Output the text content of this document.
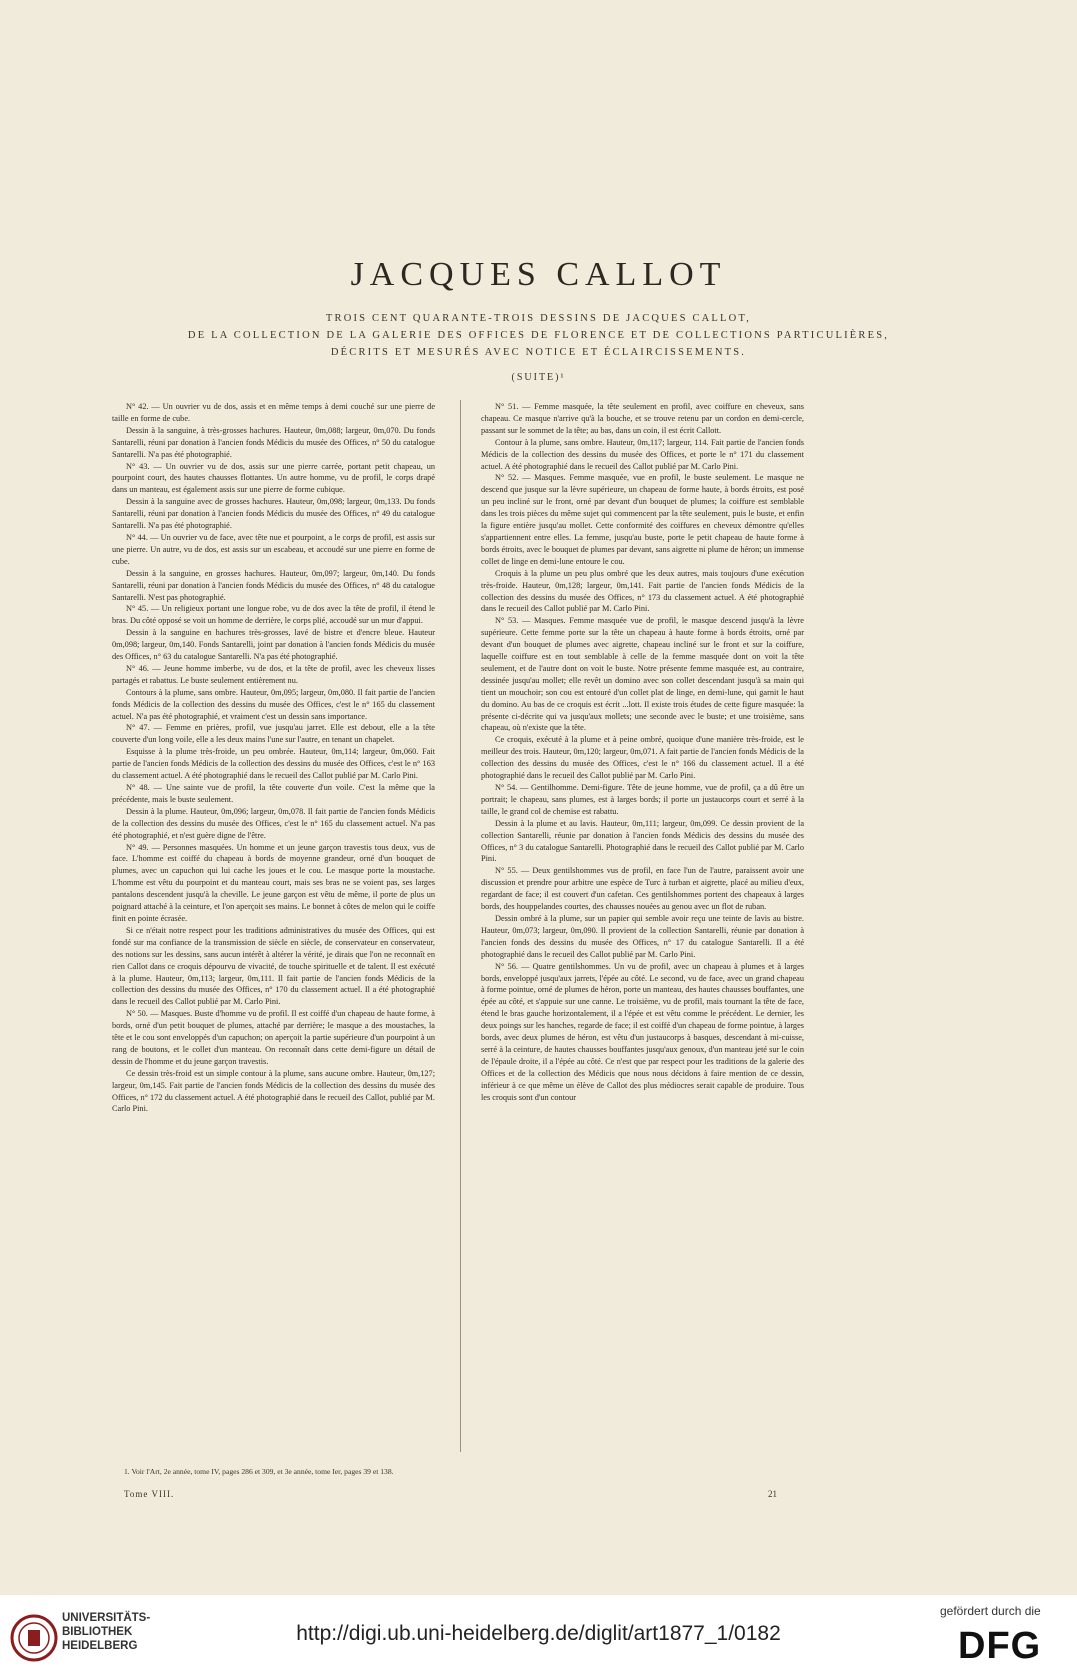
JACQUES CALLOT
TROIS CENT QUARANTE-TROIS DESSINS DE JACQUES CALLOT,
DE LA COLLECTION DE LA GALERIE DES OFFICES DE FLORENCE ET DE COLLECTIONS PARTICULIÈRES,
DÉCRITS ET MESURÉS AVEC NOTICE ET ÉCLAIRCISSEMENTS.
(SUITE)¹

N° 42. — Un ouvrier vu de dos, assis et en même temps à demi couché sur une pierre de taille en forme de cube.

Dessin à la sanguine, à très-grosses hachures. Hauteur, 0m,088; largeur, 0m,070. Du fonds Santarelli, réuni par donation à l'ancien fonds Médicis du musée des Offices, n° 50 du catalogue Santarelli. N'a pas été photographié.

N° 43. — Un ouvrier vu de dos, assis sur une pierre carrée, portant petit chapeau, un pourpoint court, des hautes chausses flottantes. Un autre homme, vu de profil, le corps drapé dans un manteau, est également assis sur une pierre de forme cubique.

Dessin à la sanguine avec de grosses hachures. Hauteur, 0m,098; largeur, 0m,133. Du fonds Santarelli, réuni par donation à l'ancien fonds Médicis du musée des Offices, n° 49 du catalogue Santarelli. N'a pas été photographié.

N° 44. — Un ouvrier vu de face, avec tête nue et pourpoint, a le corps de profil, est assis sur une pierre. Un autre, vu de dos, est assis sur un escabeau, et accoudé sur une pierre en forme de cube.

Dessin à la sanguine, en grosses hachures. Hauteur, 0m,097; largeur, 0m,140. Du fonds Santarelli, réuni par donation à l'ancien fonds Médicis du musée des Offices, n° 48 du catalogue Santarelli. N'est pas photographié.

N° 45. — Un religieux portant une longue robe, vu de dos avec la tête de profil, il étend le bras. Du côté opposé se voit un homme de derrière, le corps plié, accoudé sur un mur d'appui.

Dessin à la sanguine en hachures très-grosses, lavé de bistre et d'encre bleue. Hauteur 0m,098; largeur, 0m,140. Fonds Santarelli, joint par donation à l'ancien fonds Médicis du musée des Offices, n° 63 du catalogue Santarelli. N'a pas été photographié.

N° 46. — Jeune homme imberbe, vu de dos, et la tête de profil, avec les cheveux lisses partagés et rabattus. Le buste seulement entièrement nu.

Contours à la plume, sans ombre. Hauteur, 0m,095; largeur, 0m,080. Il fait partie de l'ancien fonds Médicis de la collection des dessins du musée des Offices, c'est le n° 165 du classement actuel. N'a pas été photographié, et vraiment c'est un dessin sans importance.

N° 47. — Femme en prières, profil, vue jusqu'au jarret. Elle est debout, elle a la tête couverte d'un long voile, elle a les deux mains l'une sur l'autre, en tenant un chapelet.

Esquisse à la plume très-froide, un peu ombrée. Hauteur, 0m,114; largeur, 0m,060. Fait partie de l'ancien fonds Médicis de la collection des dessins du musée des Offices, c'est le n° 163 du classement actuel. A été photographié dans le recueil des Callot publié par M. Carlo Pini.

N° 48. — Une sainte vue de profil, la tête couverte d'un voile. C'est la même que la précédente, mais le buste seulement.

Dessin à la plume. Hauteur, 0m,096; largeur, 0m,078. Il fait partie de l'ancien fonds Médicis de la collection des dessins du musée des Offices, c'est le n° 165 du classement actuel. N'a pas été photographié, et n'est guère digne de l'être.

N° 49. — Personnes masquées. Un homme et un jeune garçon travestis tous deux, vus de face. L'homme est coiffé du chapeau à bords de moyenne grandeur, orné d'un bouquet de plumes, avec un capuchon qui lui cache les joues et le cou. Le masque porte la moustache. L'homme est vêtu du pourpoint et du manteau court, mais ses bras ne se voient pas, ses larges pantalons descendent jusqu'à la cheville. Le jeune garçon est vêtu de même, il porte de plus un poignard attaché à la ceinture, et l'on aperçoit ses mains. Le bonnet à côtes de melon qui le coiffe finit en pointe écrasée.

Si ce n'était notre respect pour les traditions administratives du musée des Offices, qui est fondé sur ma confiance de la transmission de siècle en siècle, de conservateur en conservateur, des notions sur les dessins, sans aucun intérêt à altérer la vérité, je dirais que l'on ne reconnaît en rien Callot dans ce croquis dépourvu de vivacité, de touche spirituelle et de talent. Il est exécuté à la plume. Hauteur, 0m,113; largeur, 0m,111. Il fait partie de l'ancien fonds Médicis de la collection des dessins du musée des Offices, n° 170 du classement actuel. Il a été photographié dans le recueil des Callot publié par M. Carlo Pini.

N° 50. — Masques. Buste d'homme vu de profil. Il est coiffé d'un chapeau de haute forme, à bords, orné d'un petit bouquet de plumes, attaché par derrière; le masque a des moustaches, la tête et le cou sont enveloppés d'un capuchon; on aperçoit la partie supérieure d'un pourpoint à un rang de boutons, et le collet d'un manteau. On reconnaît dans cette demi-figure un détail de dessin de l'homme et du jeune garçon travestis.

Ce dessin très-froid est un simple contour à la plume, sans aucune ombre. Hauteur, 0m,127; largeur, 0m,145. Fait partie de l'ancien fonds Médicis de la collection des dessins du musée des Offices, n° 172 du classement actuel. A été photographié dans le recueil des Callot, publié par M. Carlo Pini.

N° 51. — Femme masquée, la tête seulement en profil, avec coiffure en cheveux, sans chapeau. Ce masque n'arrive qu'à la bouche, et se trouve retenu par un cordon en demi-cercle, passant sur le sommet de la tête; au bas, dans un coin, il est écrit Callott.

Contour à la plume, sans ombre. Hauteur, 0m,117; largeur, 114. Fait partie de l'ancien fonds Médicis de la collection des dessins du musée des Offices, et porte le n° 171 du classement actuel. A été photographié dans le recueil des Callot publié par M. Carlo Pini.

N° 52. — Masques. Femme masquée, vue en profil, le buste seulement. Le masque ne descend que jusque sur la lèvre supérieure, un chapeau de forme haute, à bords étroits, est posé un peu incliné sur le front, orné par devant d'un bouquet de plumes; la coiffure est semblable dans les trois pièces du même sujet qui commencent par la tête seulement, puis le buste, et enfin la figure entière jusqu'au mollet. Cette conformité des coiffures en cheveux démontre qu'elles s'appartiennent entre elles. La femme, jusqu'au buste, porte le petit chapeau de haute forme à bords étroits, avec le bouquet de plumes par devant, sans aigrette ni plume de héron; un immense collet de linge en demi-lune entoure le cou.

Croquis à la plume un peu plus ombré que les deux autres, mais toujours d'une exécution très-froide. Hauteur, 0m,128; largeur, 0m,141. Fait partie de l'ancien fonds Médicis de la collection des dessins du musée des Offices, n° 173 du classement actuel. A été photographié dans le recueil des Callot publié par M. Carlo Pini.

N° 53. — Masques. Femme masquée vue de profil, le masque descend jusqu'à la lèvre supérieure. Cette femme porte sur la tête un chapeau à haute forme à bords étroits, orné par devant d'un bouquet de plumes avec aigrette, chapeau incliné sur le front et sur la coiffure, laquelle coiffure est en tout semblable à celle de la femme masquée dont on voit la tête seulement, et de l'autre dont on voit le buste. Notre présente femme masquée est, au contraire, dessinée jusqu'au mollet; elle revêt un domino avec son collet descendant jusqu'à sa main qui tient un mouchoir; son cou est entouré d'un collet plat de linge, en demi-lune, qui garnit le haut du domino. Au bas de ce croquis est écrit ...lott. Il existe trois études de cette figure masquée: la présente ci-décrite qui va jusqu'aux mollets; une seconde avec le buste; et une troisième, sans chapeau, où n'existe que la tête.

Ce croquis, exécuté à la plume et à peine ombré, quoique d'une manière très-froide, est le meilleur des trois. Hauteur, 0m,120; largeur, 0m,071. A fait partie de l'ancien fonds Médicis de la collection des dessins du musée des Offices, c'est le n° 166 du classement actuel. Il a été photographié dans le recueil des Callot publié par M. Carlo Pini.

N° 54. — Gentilhomme. Demi-figure. Tête de jeune homme, vue de profil, ça a dû être un portrait; le chapeau, sans plumes, est à larges bords; il porte un justaucorps court et serré à la taille, le grand col de chemise est rabattu.

Dessin à la plume et au lavis. Hauteur, 0m,111; largeur, 0m,099. Ce dessin provient de la collection Santarelli, réunie par donation à l'ancien fonds Médicis des dessins du musée des Offices, n° 3 du catalogue Santarelli. Photographié dans le recueil des Callot publié par M. Carlo Pini.

N° 55. — Deux gentilshommes vus de profil, en face l'un de l'autre, paraissent avoir une discussion et prendre pour arbitre une espèce de Turc à turban et aigrette, placé au milieu d'eux, regardant de face; il est couvert d'un cafetan. Ces gentilshommes portent des chapeaux à larges bords, des houppelandes courtes, des chausses nouées au genou avec un flot de ruban.

Dessin ombré à la plume, sur un papier qui semble avoir reçu une teinte de lavis au bistre. Hauteur, 0m,073; largeur, 0m,090. Il provient de la collection Santarelli, réunie par donation à l'ancien fonds des dessins du musée des Offices, n° 17 du catalogue Santarelli. Il a été photographié dans le recueil des Callot publié par M. Carlo Pini.

N° 56. — Quatre gentilshommes. Un vu de profil, avec un chapeau à plumes et à larges bords, enveloppé jusqu'aux jarrets, l'épée au côté. Le second, vu de face, avec un grand chapeau à forme pointue, orné de plumes de héron, porte un manteau, des hautes chausses bouffantes, une épée au côté, et s'appuie sur une canne. Le troisième, vu de profil, mais tournant la tête de face, étend le bras gauche horizontalement, il a l'épée et est vêtu comme le précédent. Le dernier, les deux poings sur les hanches, regarde de face; il est coiffé d'un chapeau de forme pointue, à larges bords, avec deux plumes de héron, est vêtu d'un justaucorps à basques, descendant à mi-cuisse, serré à la ceinture, de hautes chausses bouffantes jusqu'aux genoux, d'un manteau jeté sur le coin de l'épaule droite, il a l'épée au côté. Ce n'est que par respect pour les traditions de la galerie des Offices et de la collection des Médicis que nous nous décidons à faire mention de ce dessin, inférieur à ce que même un élève de Callot des plus médiocres serait capable de produire. Tous les croquis sont d'un contour

1. Voir l'Art, 2e année, tome IV, pages 286 et 309, et 3e année, tome Ier, pages 39 et 138.
Tome VIII.	21
UNIVERSITÄTS-
BIBLIOTHEK
HEIDELBERG
http://digi.ub.uni-heidelberg.de/diglit/art1877_1/0182
gefördert durch die
DFG
